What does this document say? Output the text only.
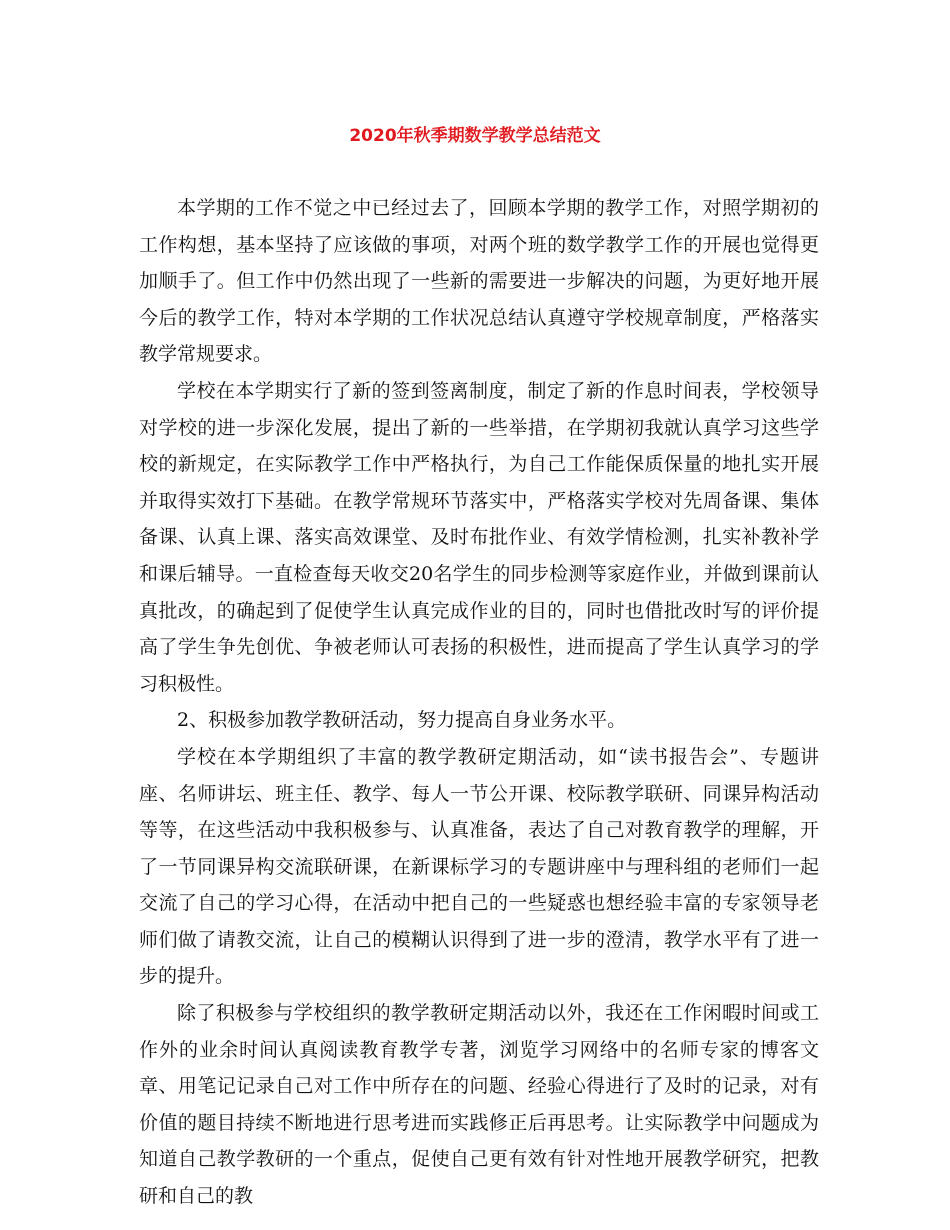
2020年秋季期数学教学总结范文

本学期的工作不觉之中已经过去了，回顾本学期的教学工作，对照学期初的工作构想，基本坚持了应该做的事项，对两个班的数学教学工作的开展也觉得更加顺手了。但工作中仍然出现了一些新的需要进一步解决的问题，为更好地开展今后的教学工作，特对本学期的工作状况总结认真遵守学校规章制度，严格落实教学常规要求。

学校在本学期实行了新的签到签离制度，制定了新的作息时间表，学校领导对学校的进一步深化发展，提出了新的一些举措，在学期初我就认真学习这些学校的新规定，在实际教学工作中严格执行，为自己工作能保质保量的地扎实开展并取得实效打下基础。在教学常规环节落实中，严格落实学校对先周备课、集体备课、认真上课、落实高效课堂、及时布批作业、有效学情检测，扎实补教补学和课后辅导。一直检查每天收交20名学生的同步检测等家庭作业，并做到课前认真批改，的确起到了促使学生认真完成作业的目的，同时也借批改时写的评价提高了学生争先创优、争被老师认可表扬的积极性，进而提高了学生认真学习的学习积极性。

2、积极参加教学教研活动，努力提高自身业务水平。

学校在本学期组织了丰富的教学教研定期活动，如“读书报告会”、专题讲座、名师讲坛、班主任、教学、每人一节公开课、校际教学联研、同课异构活动等等，在这些活动中我积极参与、认真准备，表达了自己对教育教学的理解，开了一节同课异构交流联研课，在新课标学习的专题讲座中与理科组的老师们一起交流了自己的学习心得，在活动中把自己的一些疑惑也想经验丰富的专家领导老师们做了请教交流，让自己的模糊认识得到了进一步的澄清，教学水平有了进一步的提升。

除了积极参与学校组织的教学教研定期活动以外，我还在工作闲暇时间或工作外的业余时间认真阅读教育教学专著，浏览学习网络中的名师专家的博客文章、用笔记记录自己对工作中所存在的问题、经验心得进行了及时的记录，对有价值的题目持续不断地进行思考进而实践修正后再思考。让实际教学中问题成为知道自己教学教研的一个重点，促使自己更有效有针对性地开展教学研究，把教研和自己的教
